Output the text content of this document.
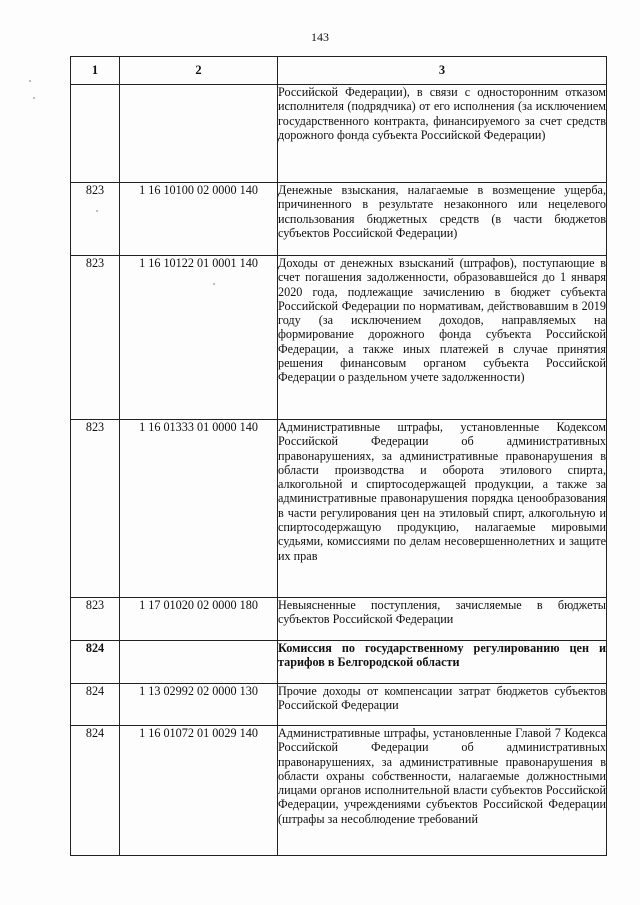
143
1	2	3
		Российской Федерации), в связи с односторонним отказом исполнителя (подрядчика) от его исполнения (за исключением государственного контракта, финансируемого за счет средств дорожного фонда субъекта Российской Федерации)
823	1 16 10100 02 0000 140	Денежные взыскания, налагаемые в возмещение ущерба, причиненного в результате незаконного или нецелевого использования бюджетных средств (в части бюджетов субъектов Российской Федерации)
823	1 16 10122 01 0001 140	Доходы от денежных взысканий (штрафов), поступающие в счет погашения задолженности, образовавшейся до 1 января 2020 года, подлежащие зачислению в бюджет субъекта Российской Федерации по нормативам, действовавшим в 2019 году (за исключением доходов, направляемых на формирование дорожного фонда субъекта Российской Федерации, а также иных платежей в случае принятия решения финансовым органом субъекта Российской Федерации о раздельном учете задолженности)
823	1 16 01333 01 0000 140	Административные штрафы, установленные Кодексом Российской Федерации об административных правонарушениях, за административные правонарушения в области производства и оборота этилового спирта, алкогольной и спиртосодержащей продукции, а также за административные правонарушения порядка ценообразования в части регулирования цен на этиловый спирт, алкогольную и спиртосодержащую продукцию, налагаемые мировыми судьями, комиссиями по делам несовершеннолетних и защите их прав
823	1 17 01020 02 0000 180	Невыясненные поступления, зачисляемые в бюджеты субъектов Российской Федерации
824		Комиссия по государственному регулированию цен и тарифов в Белгородской области
824	1 13 02992 02 0000 130	Прочие доходы от компенсации затрат бюджетов субъектов Российской Федерации
824	1 16 01072 01 0029 140	Административные штрафы, установленные Главой 7 Кодекса Российской Федерации об административных правонарушениях, за административные правонарушения в области охраны собственности, налагаемые должностными лицами органов исполнительной власти субъектов Российской Федерации, учреждениями субъектов Российской Федерации (штрафы за несоблюдение требований
